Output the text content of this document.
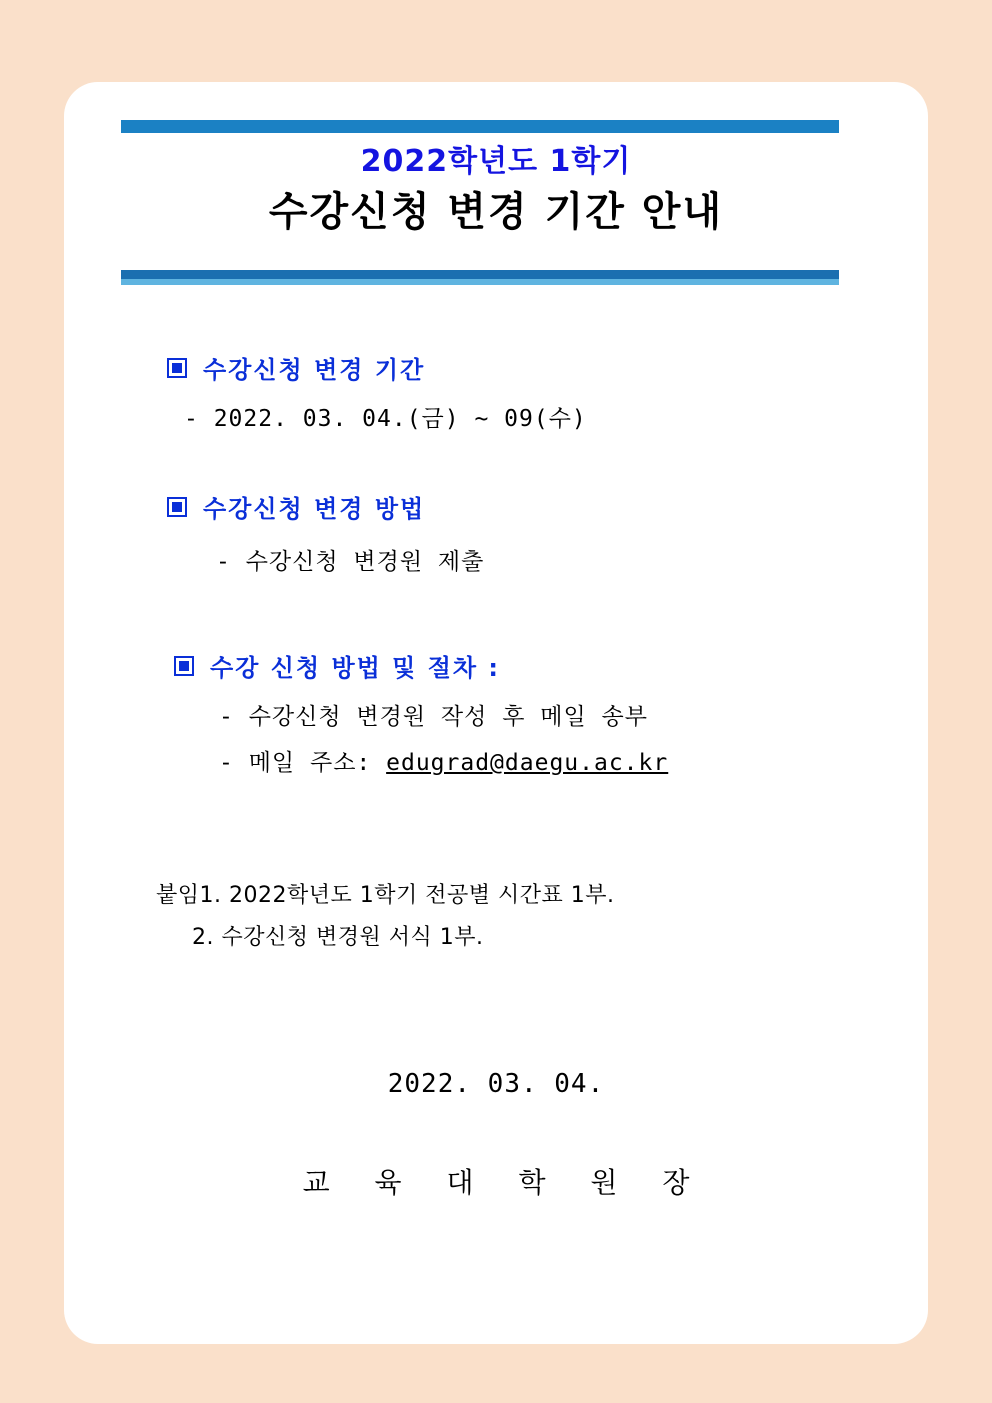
2022학년도 1학기
수강신청 변경 기간 안내
수강신청 변경 기간
- 2022. 03. 04.(금) ~ 09(수)
수강신청 변경 방법
- 수강신청 변경원 제출
수강 신청 방법 및 절차 :
- 수강신청 변경원 작성 후 메일 송부
- 메일 주소: edugrad@daegu.ac.kr
붙임1. 2022학년도 1학기 전공별 시간표 1부.
2. 수강신청 변경원 서식 1부.
2022. 03. 04.
교 육 대 학 원 장
